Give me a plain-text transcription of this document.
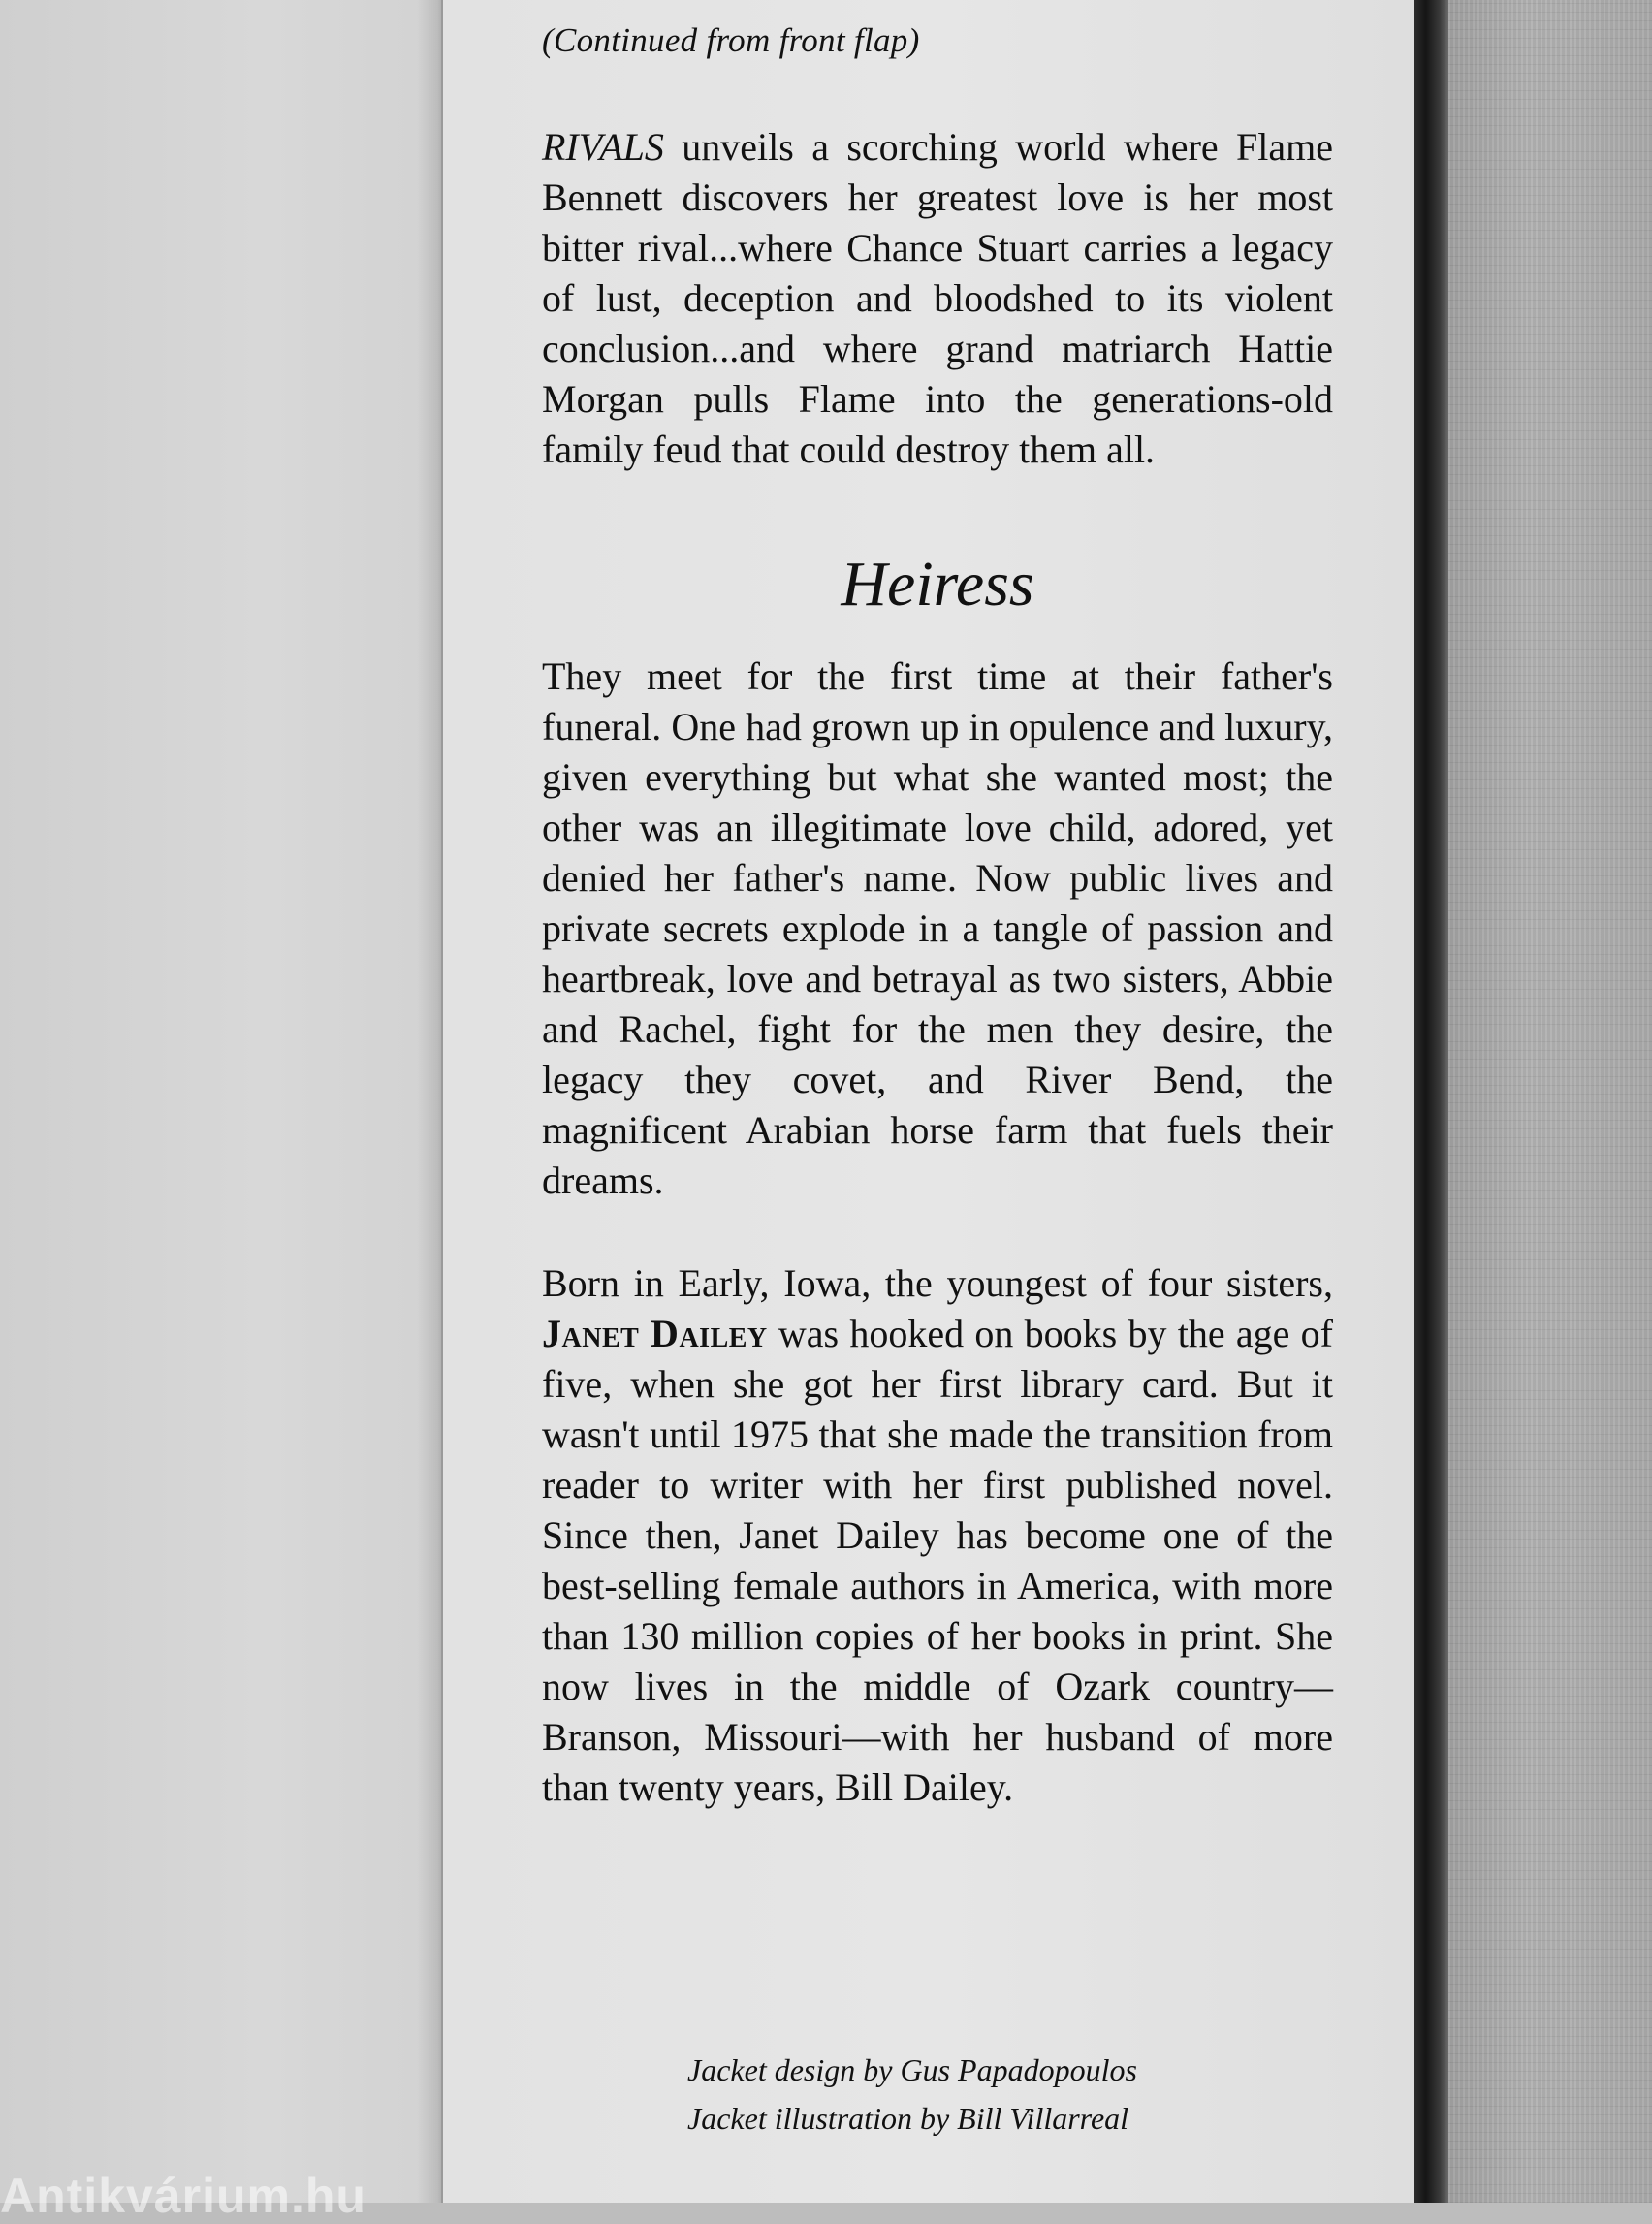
(Continued from front flap)

RIVALS unveils a scorching world where Flame Bennett discovers her greatest love is her most bitter rival...where Chance Stuart carries a legacy of lust, deception and bloodshed to its violent conclusion...and where grand matriarch Hattie Morgan pulls Flame into the generations-old family feud that could destroy them all.

Heiress

They meet for the first time at their father's funeral. One had grown up in opulence and luxury, given everything but what she wanted most; the other was an illegitimate love child, adored, yet denied her father's name. Now public lives and private secrets explode in a tangle of passion and heartbreak, love and betrayal as two sisters, Abbie and Rachel, fight for the men they desire, the legacy they covet, and River Bend, the magnificent Arabian horse farm that fuels their dreams.

Born in Early, Iowa, the youngest of four sisters, Janet Dailey was hooked on books by the age of five, when she got her first library card. But it wasn't until 1975 that she made the transition from reader to writer with her first published novel. Since then, Janet Dailey has become one of the best-selling female authors in America, with more than 130 million copies of her books in print. She now lives in the middle of Ozark country—Branson, Missouri—with her husband of more than twenty years, Bill Dailey.

Jacket design by Gus Papadopoulos
Jacket illustration by Bill Villarreal
Antikvárium.hu
